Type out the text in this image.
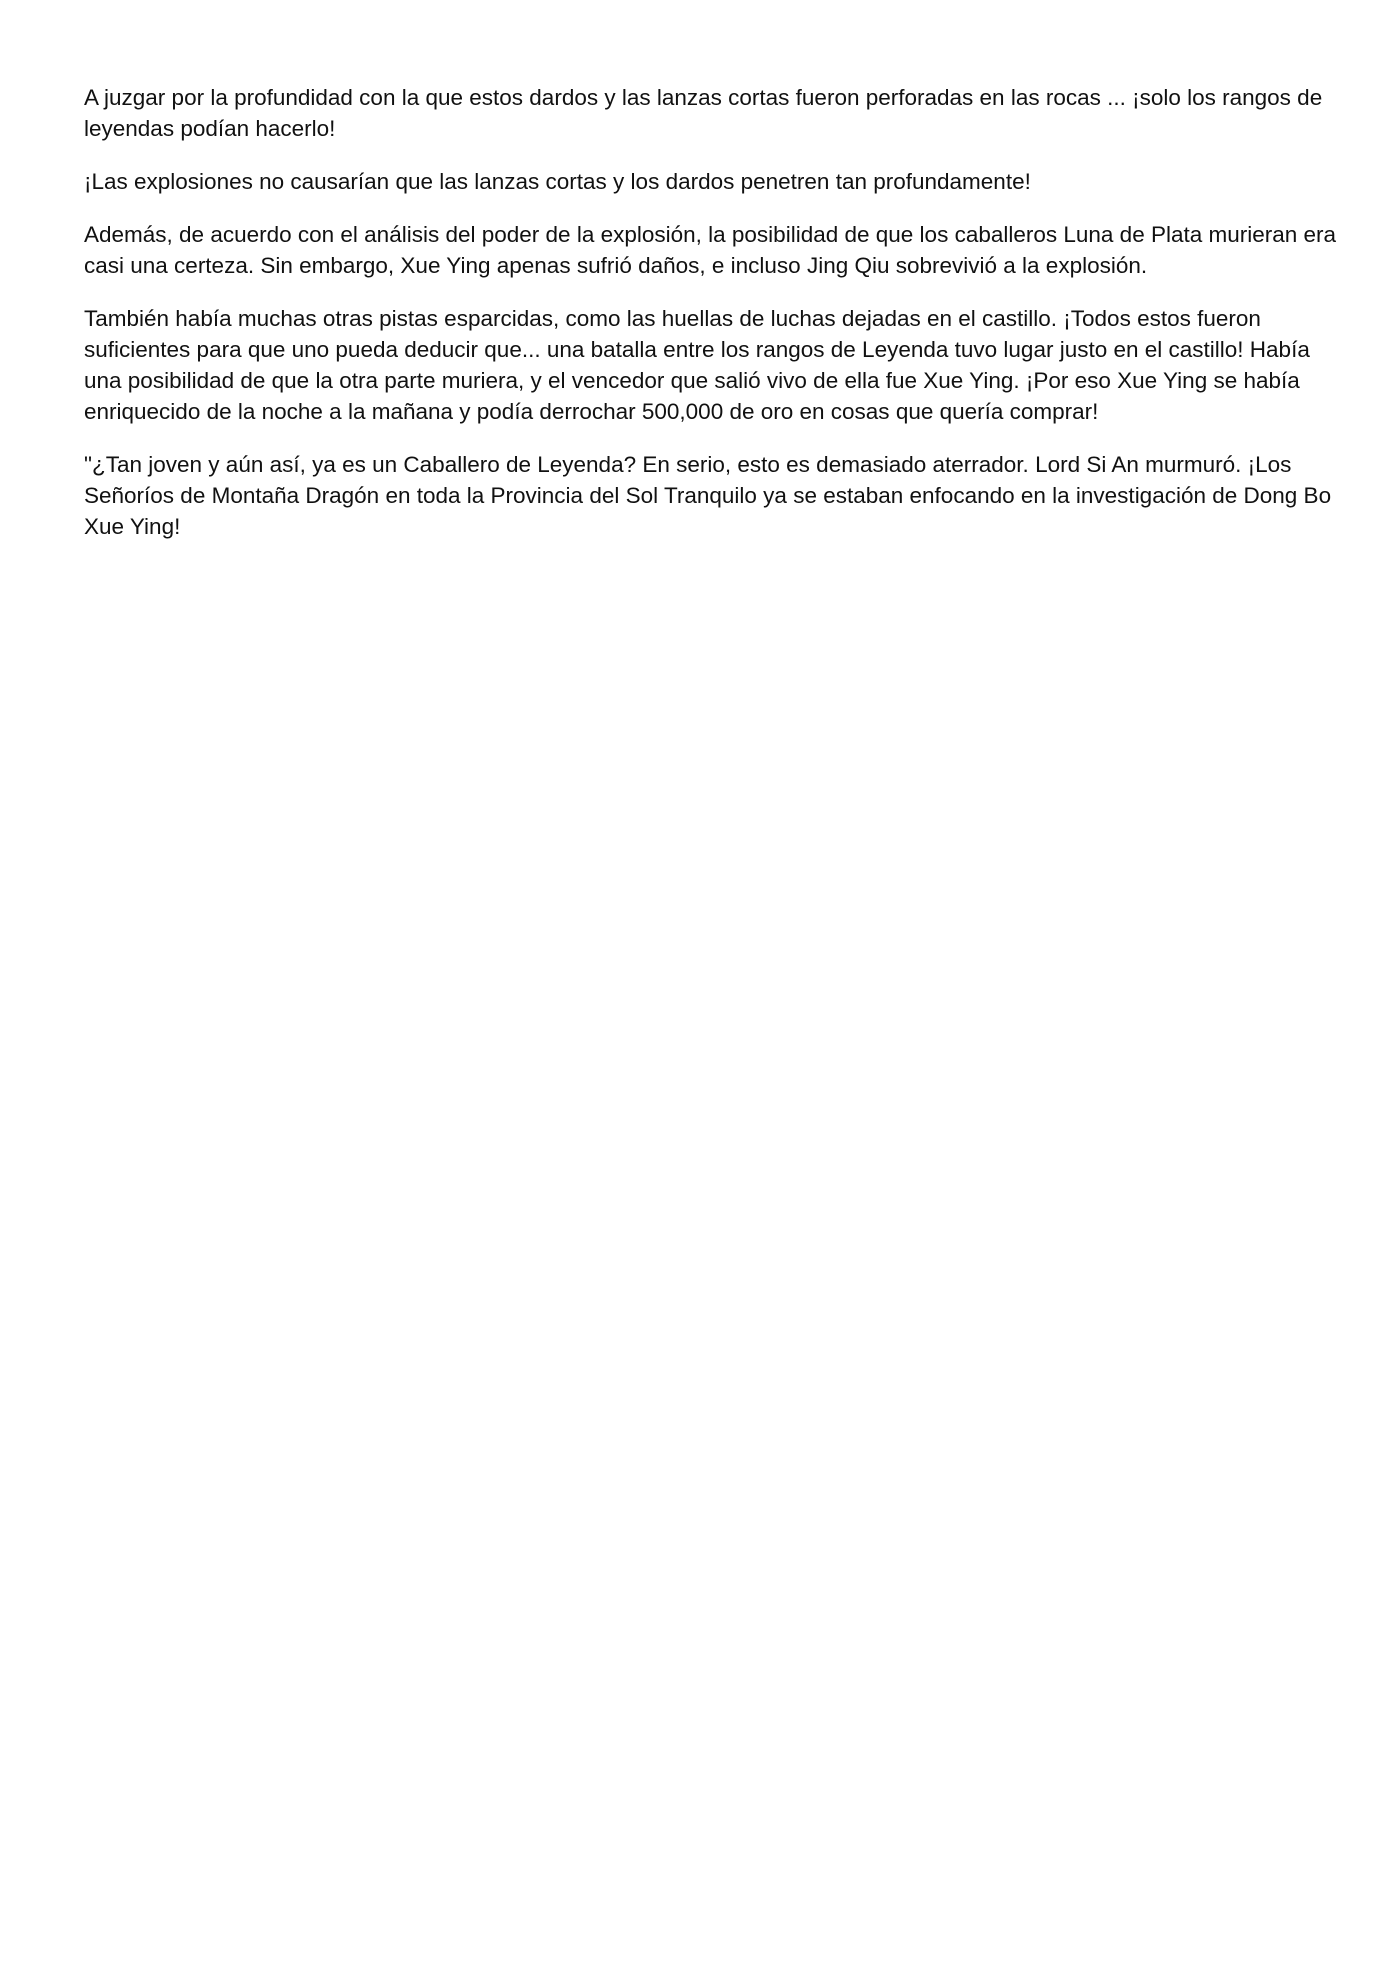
A juzgar por la profundidad con la que estos dardos y las lanzas cortas fueron perforadas en las rocas ... ¡solo los rangos de leyendas podían hacerlo!

¡Las explosiones no causarían que las lanzas cortas y los dardos penetren tan profundamente!

Además, de acuerdo con el análisis del poder de la explosión, la posibilidad de que los caballeros Luna de Plata murieran era casi una certeza. Sin embargo, Xue Ying apenas sufrió daños, e incluso Jing Qiu sobrevivió a la explosión.

También había muchas otras pistas esparcidas, como las huellas de luchas dejadas en el castillo. ¡Todos estos fueron suficientes para que uno pueda deducir que... una batalla entre los rangos de Leyenda tuvo lugar justo en el castillo! Había una posibilidad de que la otra parte muriera, y el vencedor que salió vivo de ella fue Xue Ying. ¡Por eso Xue Ying se había enriquecido de la noche a la mañana y podía derrochar 500,000 de oro en cosas que quería comprar!

"¿Tan joven y aún así, ya es un Caballero de Leyenda? En serio, esto es demasiado aterrador. Lord Si An murmuró. ¡Los Señoríos de Montaña Dragón en toda la Provincia del Sol Tranquilo ya se estaban enfocando en la investigación de Dong Bo Xue Ying!
